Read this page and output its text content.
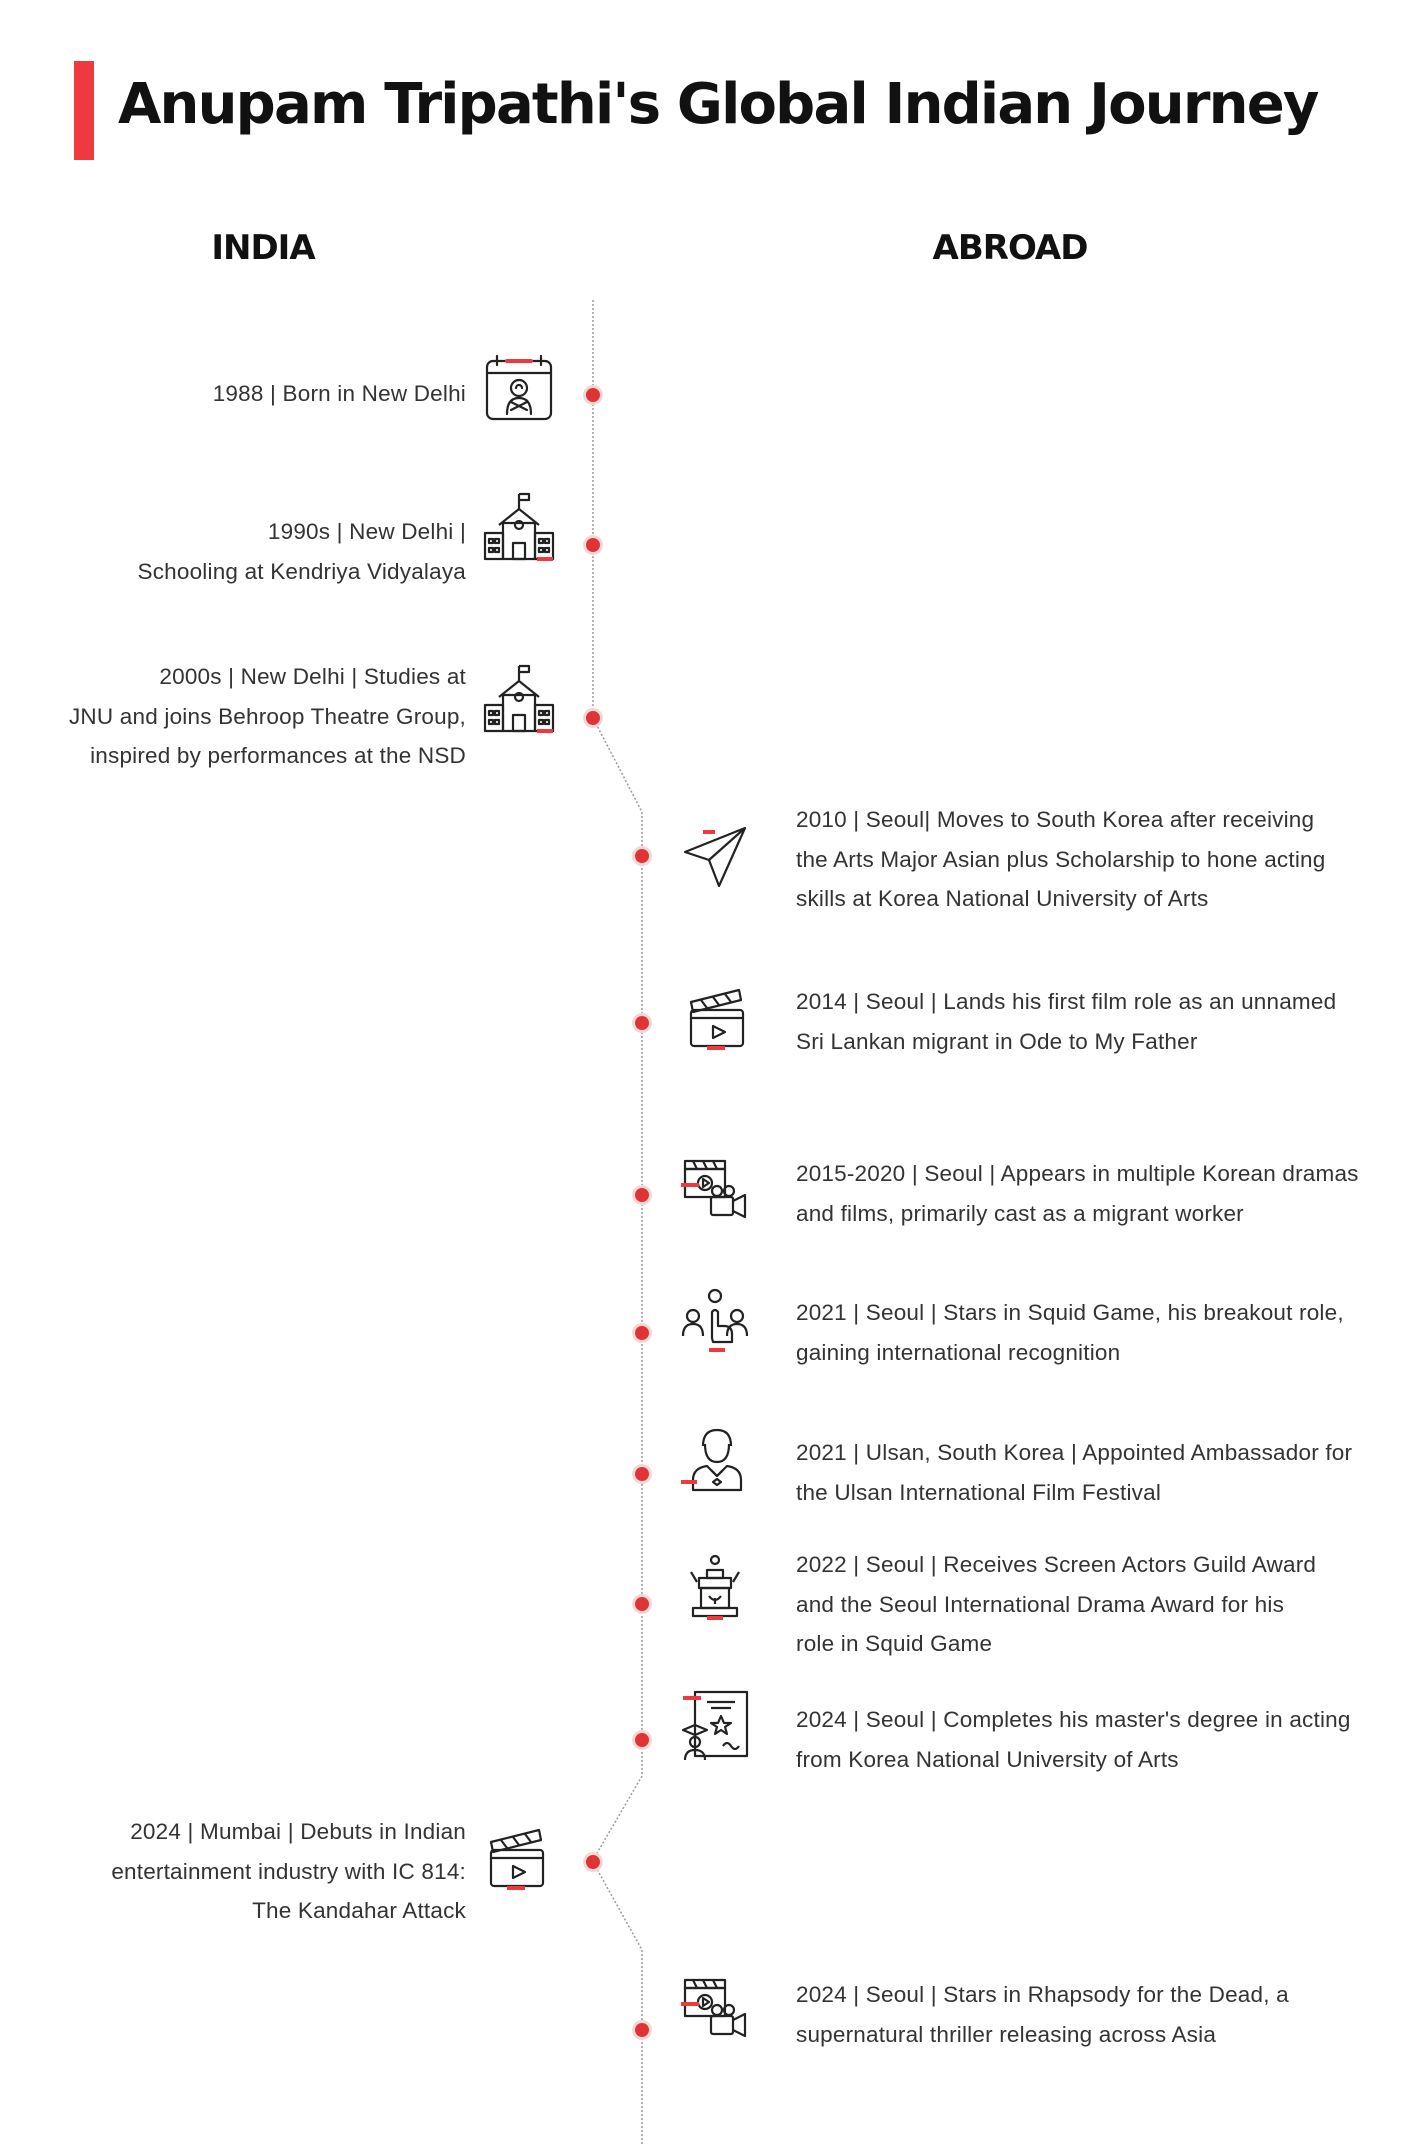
Anupam Tripathi's Global Indian Journey
INDIA	ABROAD
1988 | Born in New Delhi
1990s | New Delhi |
Schooling at Kendriya Vidyalaya
2000s | New Delhi | Studies at
JNU and joins Behroop Theatre Group,
inspired by performances at the NSD
2010 | Seoul| Moves to South Korea after receiving
the Arts Major Asian plus Scholarship to hone acting
skills at Korea National University of Arts
2014 | Seoul | Lands his first film role as an unnamed
Sri Lankan migrant in Ode to My Father
2015-2020 | Seoul | Appears in multiple Korean dramas
and films, primarily cast as a migrant worker
2021 | Seoul | Stars in Squid Game, his breakout role,
gaining international recognition
2021 | Ulsan, South Korea | Appointed Ambassador for
the Ulsan International Film Festival
2022 | Seoul | Receives Screen Actors Guild Award
and the Seoul International Drama Award for his
role in Squid Game
2024 | Seoul | Completes his master's degree in acting
from Korea National University of Arts
2024 | Mumbai | Debuts in Indian
entertainment industry with IC 814:
The Kandahar Attack
2024 | Seoul | Stars in Rhapsody for the Dead, a
supernatural thriller releasing across Asia
